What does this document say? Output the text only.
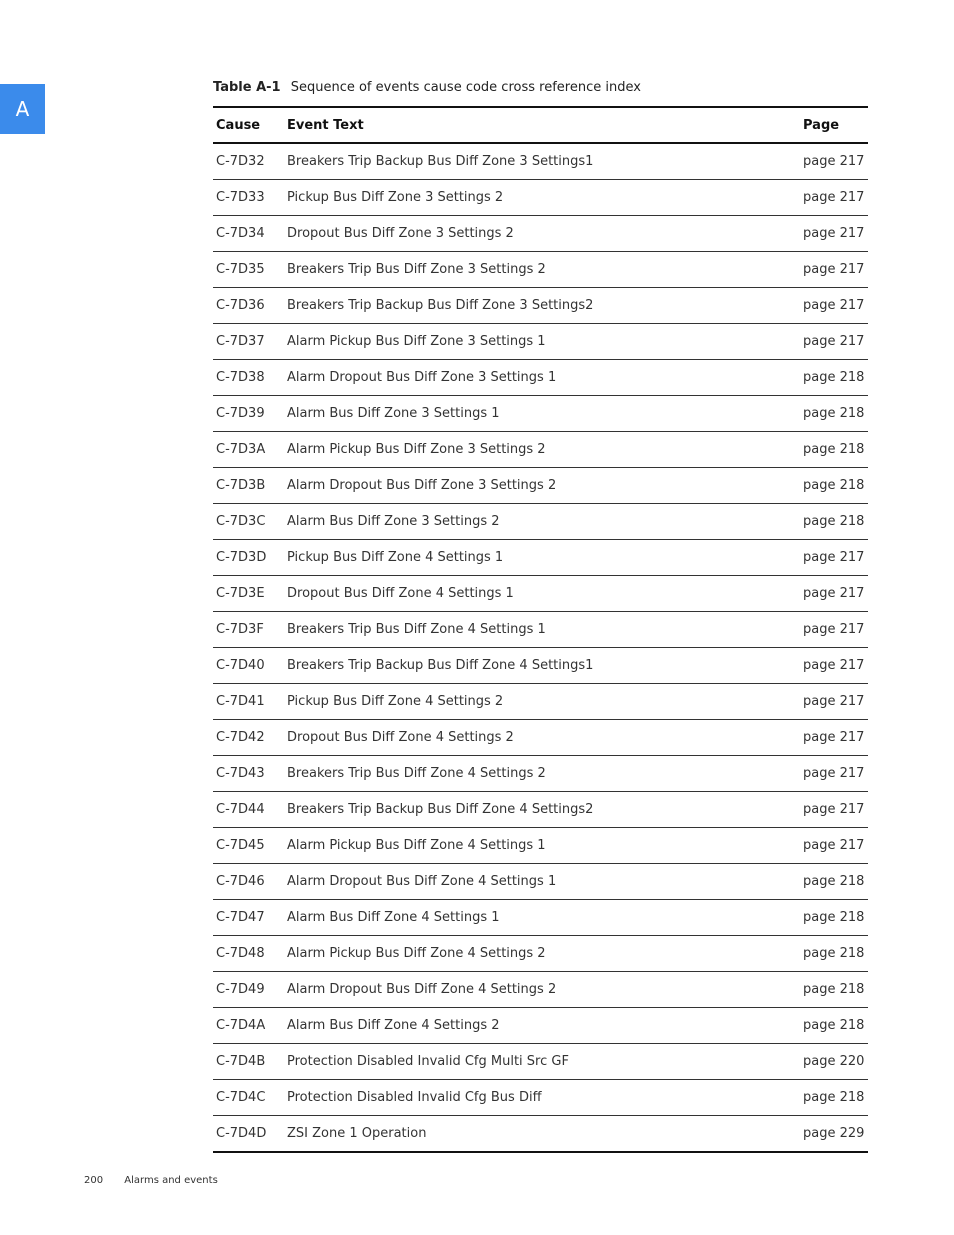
A
Table A-1 Sequence of events cause code cross reference index
Cause	Event Text	Page
C-7D32	Breakers Trip Backup Bus Diff Zone 3 Settings1	page 217
C-7D33	Pickup Bus Diff Zone 3 Settings 2	page 217
C-7D34	Dropout Bus Diff Zone 3 Settings 2	page 217
C-7D35	Breakers Trip Bus Diff Zone 3 Settings 2	page 217
C-7D36	Breakers Trip Backup Bus Diff Zone 3 Settings2	page 217
C-7D37	Alarm Pickup Bus Diff Zone 3 Settings 1	page 217
C-7D38	Alarm Dropout Bus Diff Zone 3 Settings 1	page 218
C-7D39	Alarm Bus Diff Zone 3 Settings 1	page 218
C-7D3A	Alarm Pickup Bus Diff Zone 3 Settings 2	page 218
C-7D3B	Alarm Dropout Bus Diff Zone 3 Settings 2	page 218
C-7D3C	Alarm Bus Diff Zone 3 Settings 2	page 218
C-7D3D	Pickup Bus Diff Zone 4 Settings 1	page 217
C-7D3E	Dropout Bus Diff Zone 4 Settings 1	page 217
C-7D3F	Breakers Trip Bus Diff Zone 4 Settings 1	page 217
C-7D40	Breakers Trip Backup Bus Diff Zone 4 Settings1	page 217
C-7D41	Pickup Bus Diff Zone 4 Settings 2	page 217
C-7D42	Dropout Bus Diff Zone 4 Settings 2	page 217
C-7D43	Breakers Trip Bus Diff Zone 4 Settings 2	page 217
C-7D44	Breakers Trip Backup Bus Diff Zone 4 Settings2	page 217
C-7D45	Alarm Pickup Bus Diff Zone 4 Settings 1	page 217
C-7D46	Alarm Dropout Bus Diff Zone 4 Settings 1	page 218
C-7D47	Alarm Bus Diff Zone 4 Settings 1	page 218
C-7D48	Alarm Pickup Bus Diff Zone 4 Settings 2	page 218
C-7D49	Alarm Dropout Bus Diff Zone 4 Settings 2	page 218
C-7D4A	Alarm Bus Diff Zone 4 Settings 2	page 218
C-7D4B	Protection Disabled Invalid Cfg Multi Src GF	page 220
C-7D4C	Protection Disabled Invalid Cfg Bus Diff	page 218
C-7D4D	ZSI Zone 1 Operation	page 229
200 Alarms and events
